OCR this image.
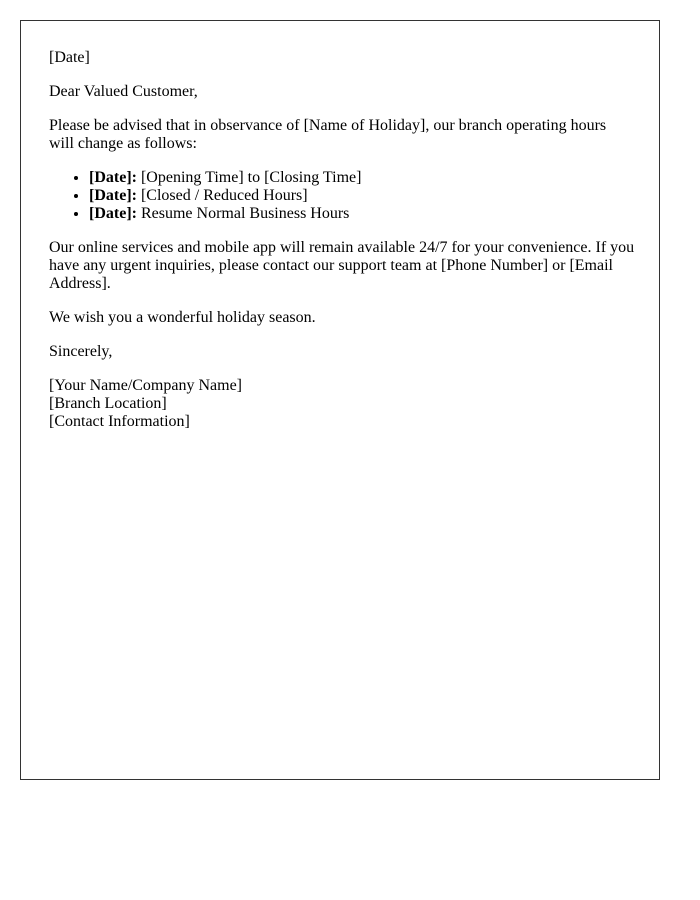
[Date]

Dear Valued Customer,

Please be advised that in observance of [Name of Holiday], our branch operating hours will change as follows:

• [Date]: [Opening Time] to [Closing Time]
• [Date]: [Closed / Reduced Hours]
• [Date]: Resume Normal Business Hours

Our online services and mobile app will remain available 24/7 for your convenience. If you have any urgent inquiries, please contact our support team at [Phone Number] or [Email Address].

We wish you a wonderful holiday season.

Sincerely,

[Your Name/Company Name]
[Branch Location]
[Contact Information]
